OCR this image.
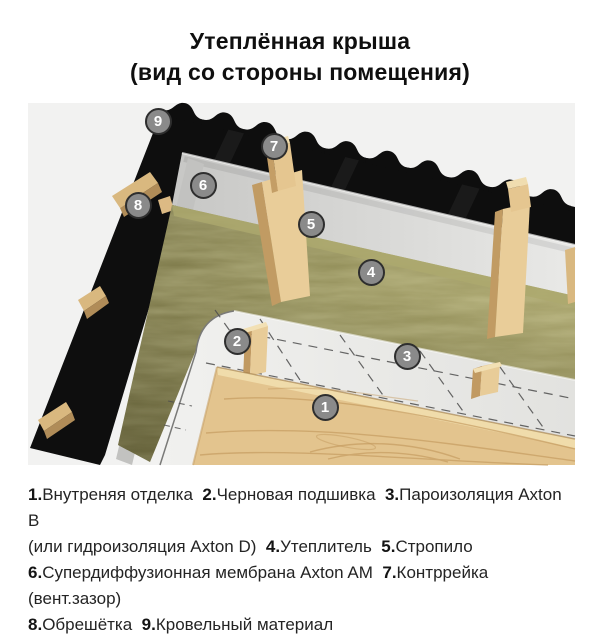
Утеплённая крыша
(вид со стороны помещения)
1
2
3
4
5
6
7
8
9
1.Внутреняя отделка  2.Черновая подшивка  3.Пароизоляция Axton B
(или гидроизоляция Axton D)  4.Утеплитель  5.Стропило
6.Супердиффузионная мембрана Axton AM  7.Контррейка (вент.зазор)
8.Обрешётка  9.Кровельный материал
